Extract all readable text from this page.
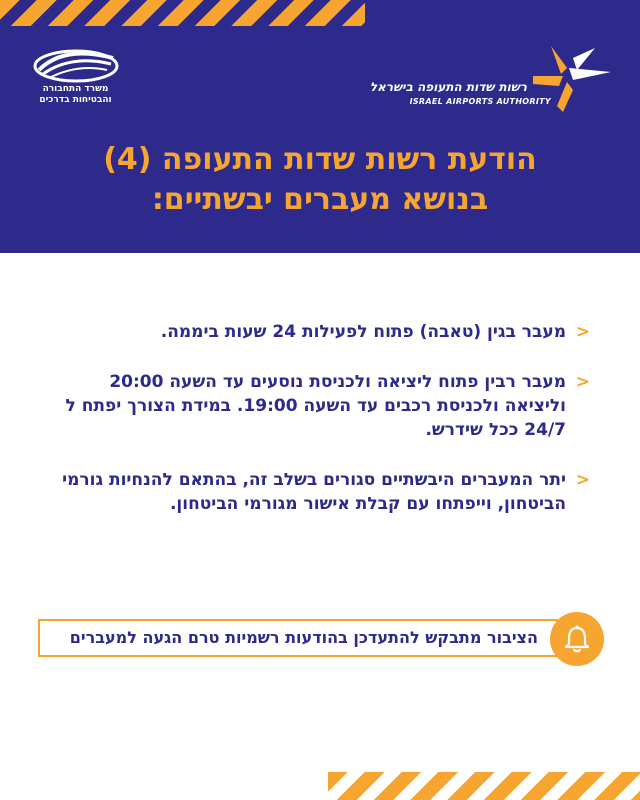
משרד התחבורה
והבטיחות בדרכים
רשות שדות התעופה בישראל
ISRAEL AIRPORTS AUTHORITY
הודעת רשות שדות התעופה (4)
בנושא מעברים יבשתיים:
<
מעבר בגין (טאבה) פתוח לפעילות 24 שעות ביממה.
<
מעבר רבין פתוח ליציאה ולכניסת נוסעים עד השעה 20:00 וליציאה ולכניסת רכבים עד השעה 19:00. במידת הצורך יפתח ל 24/7 ככל שידרש.
<
יתר המעברים היבשתיים סגורים בשלב זה, בהתאם להנחיות גורמי הביטחון, וייפתחו עם קבלת אישור מגורמי הביטחון.
הציבור מתבקש להתעדכן בהודעות רשמיות טרם הגעה למעברים
